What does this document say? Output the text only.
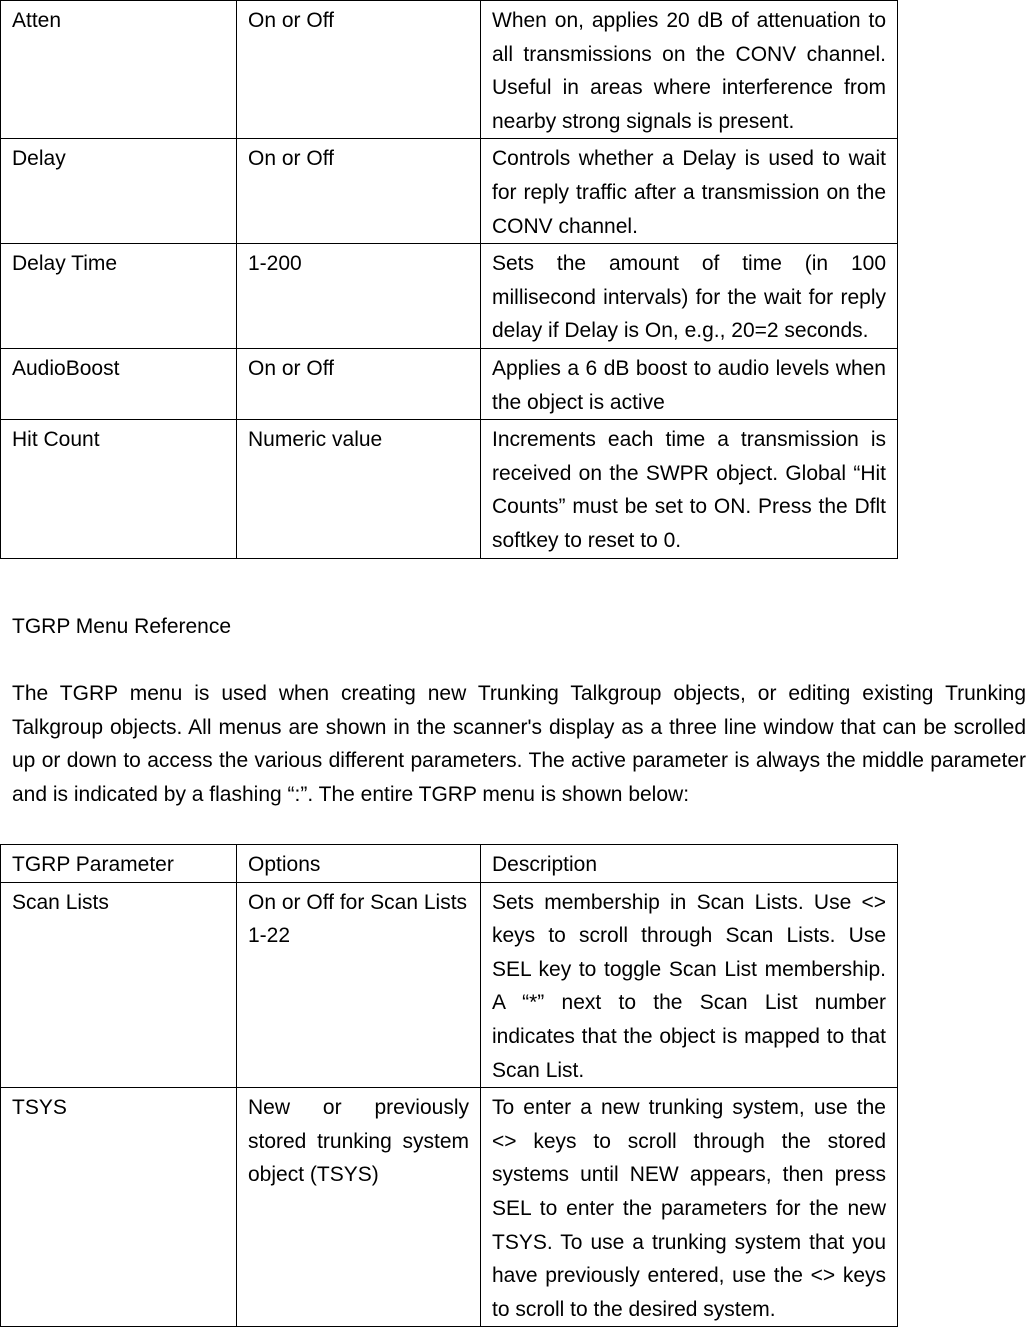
Atten	On or Off	When on, applies 20 dB of attenuation to all transmissions on the CONV channel. Useful in areas where interference from nearby strong signals is present.
Delay	On or Off	Controls whether a Delay is used to wait for reply traffic after a transmission on the CONV channel.
Delay Time	1-200	Sets the amount of time (in 100 millisecond intervals) for the wait for reply delay if Delay is On, e.g., 20=2 seconds.
AudioBoost	On or Off	Applies a 6 dB boost to audio levels when the object is active
Hit Count	Numeric value	Increments each time a transmission is received on the SWPR object. Global “Hit Counts” must be set to ON. Press the Dflt softkey to reset to 0.
TGRP Menu Reference

The TGRP menu is used when creating new Trunking Talkgroup objects, or editing existing Trunking Talkgroup objects. All menus are shown in the scanner's display as a three line window that can be scrolled up or down to access the various different parameters. The active parameter is always the middle parameter and is indicated by a flashing “:”. The entire TGRP menu is shown below:

TGRP Parameter	Options	Description
Scan Lists	On or Off for Scan Lists 1-22	Sets membership in Scan Lists. Use <> keys to scroll through Scan Lists. Use SEL key to toggle Scan List membership. A “*” next to the Scan List number indicates that the object is mapped to that Scan List.
TSYS	New or previously stored trunking system object (TSYS)	To enter a new trunking system, use the <> keys to scroll through the stored systems until NEW appears, then press SEL to enter the parameters for the new TSYS. To use a trunking system that you have previously entered, use the <> keys to scroll to the desired system.
